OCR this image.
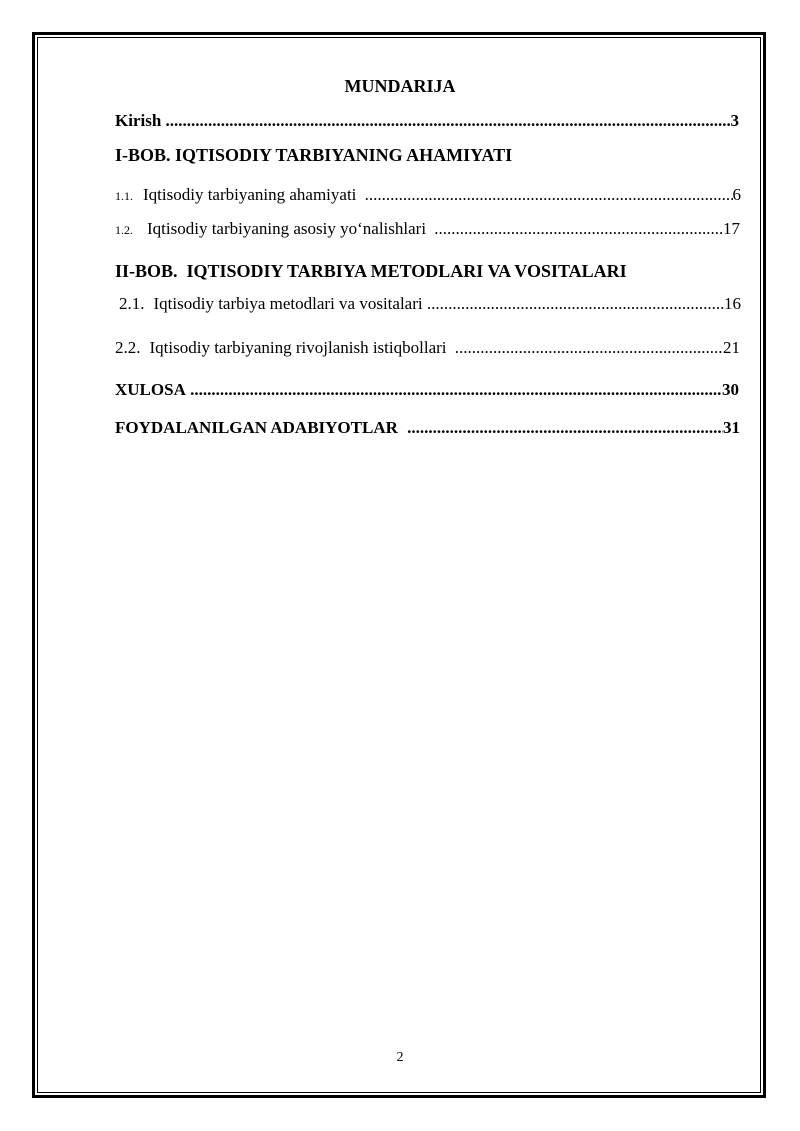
MUNDARIJA
Kirish .....	3
I-BOB. IQTISODIY TARBIYANING AHAMIYATI
1.1. Iqtisodiy tarbiyaning ahamiyati .....	6
1.2. Iqtisodiy tarbiyaning asosiy yo‘nalishlari .....	17
II-BOB.  IQTISODIY TARBIYA METODLARI VA VOSITALARI
2.1. Iqtisodiy tarbiya metodlari va vositalari .....	16
2.2. Iqtisodiy tarbiyaning rivojlanish istiqbollari .....	21
XULOSA .....	30
FOYDALANILGAN ADABIYOTLAR .....	31
2
